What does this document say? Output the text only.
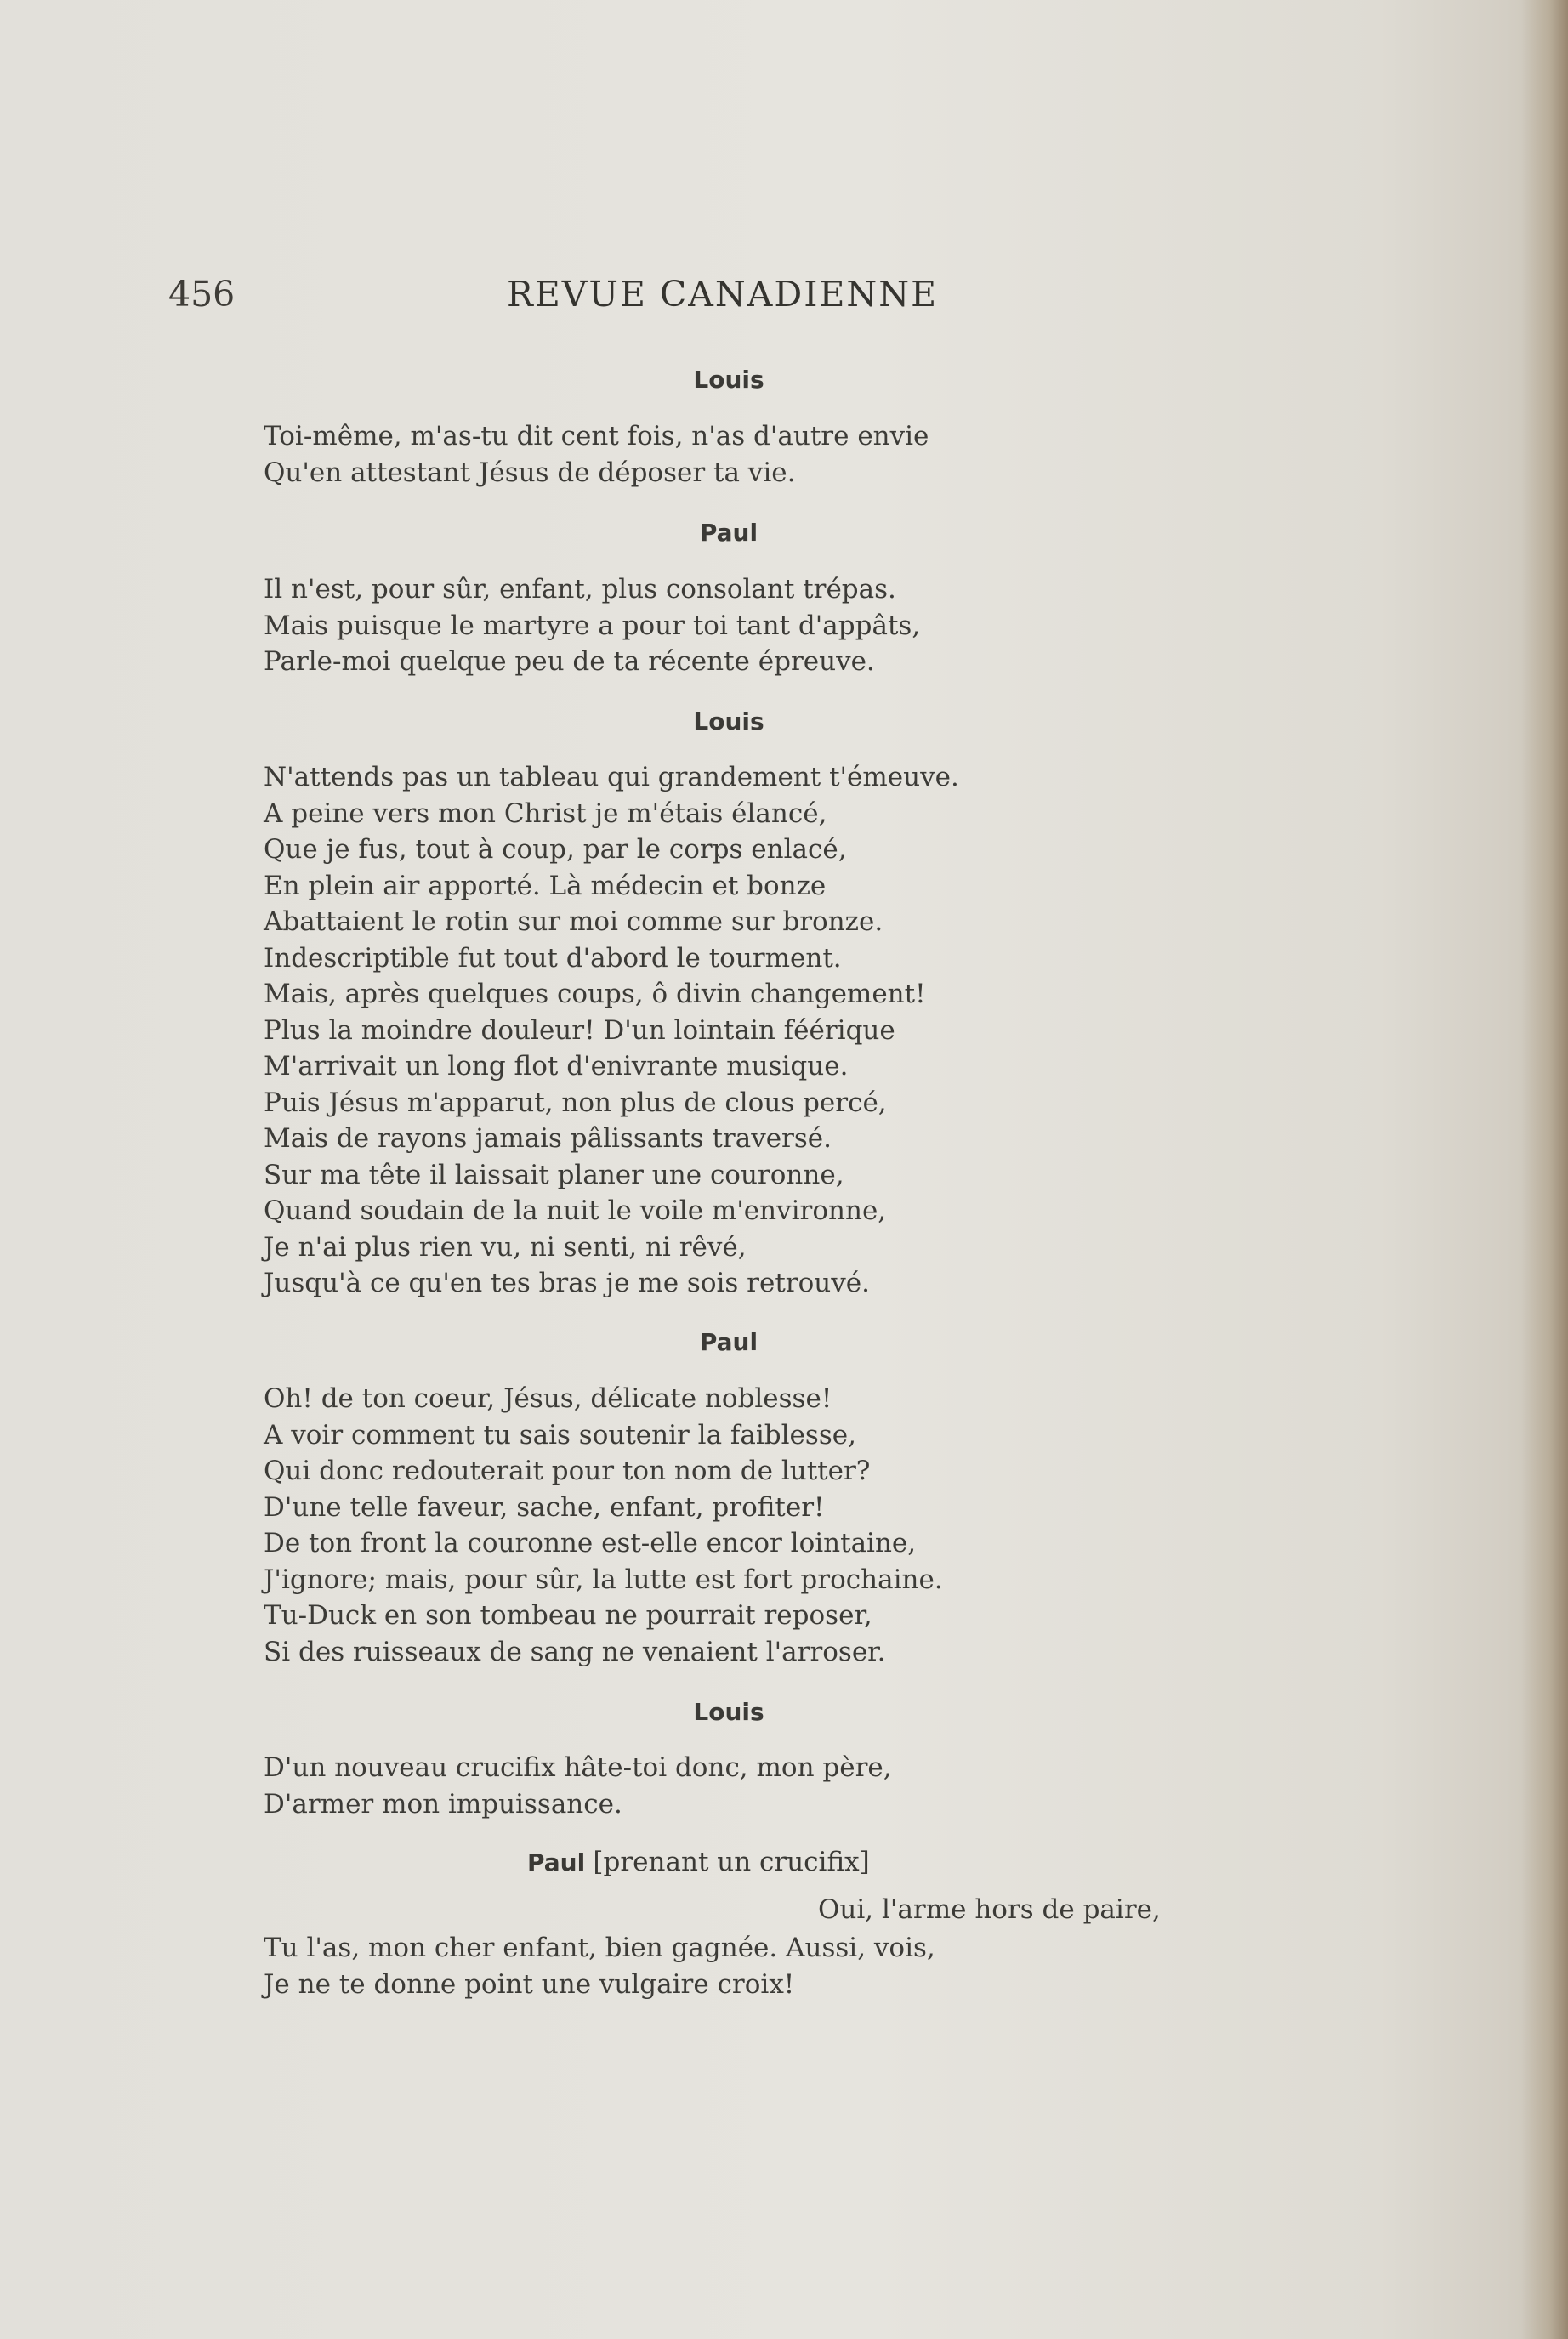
456	REVUE CANADIENNE
Louis
Toi-même, m'as-tu dit cent fois, n'as d'autre envie
Qu'en attestant Jésus de déposer ta vie.
Paul
Il n'est, pour sûr, enfant, plus consolant trépas.
Mais puisque le martyre a pour toi tant d'appâts,
Parle-moi quelque peu de ta récente épreuve.
Louis
N'attends pas un tableau qui grandement t'émeuve.
A peine vers mon Christ je m'étais élancé,
Que je fus, tout à coup, par le corps enlacé,
En plein air apporté. Là médecin et bonze
Abattaient le rotin sur moi comme sur bronze.
Indescriptible fut tout d'abord le tourment.
Mais, après quelques coups, ô divin changement!
Plus la moindre douleur! D'un lointain féérique
M'arrivait un long flot d'enivrante musique.
Puis Jésus m'apparut, non plus de clous percé,
Mais de rayons jamais pâlissants traversé.
Sur ma tête il laissait planer une couronne,
Quand soudain de la nuit le voile m'environne,
Je n'ai plus rien vu, ni senti, ni rêvé,
Jusqu'à ce qu'en tes bras je me sois retrouvé.
Paul
Oh! de ton coeur, Jésus, délicate noblesse!
A voir comment tu sais soutenir la faiblesse,
Qui donc redouterait pour ton nom de lutter?
D'une telle faveur, sache, enfant, profiter!
De ton front la couronne est-elle encor lointaine,
J'ignore; mais, pour sûr, la lutte est fort prochaine.
Tu-Duck en son tombeau ne pourrait reposer,
Si des ruisseaux de sang ne venaient l'arroser.
Louis
D'un nouveau crucifix hâte-toi donc, mon père,
D'armer mon impuissance.
Paul [prenant un crucifix]
Oui, l'arme hors de paire,
Tu l'as, mon cher enfant, bien gagnée. Aussi, vois,
Je ne te donne point une vulgaire croix!
